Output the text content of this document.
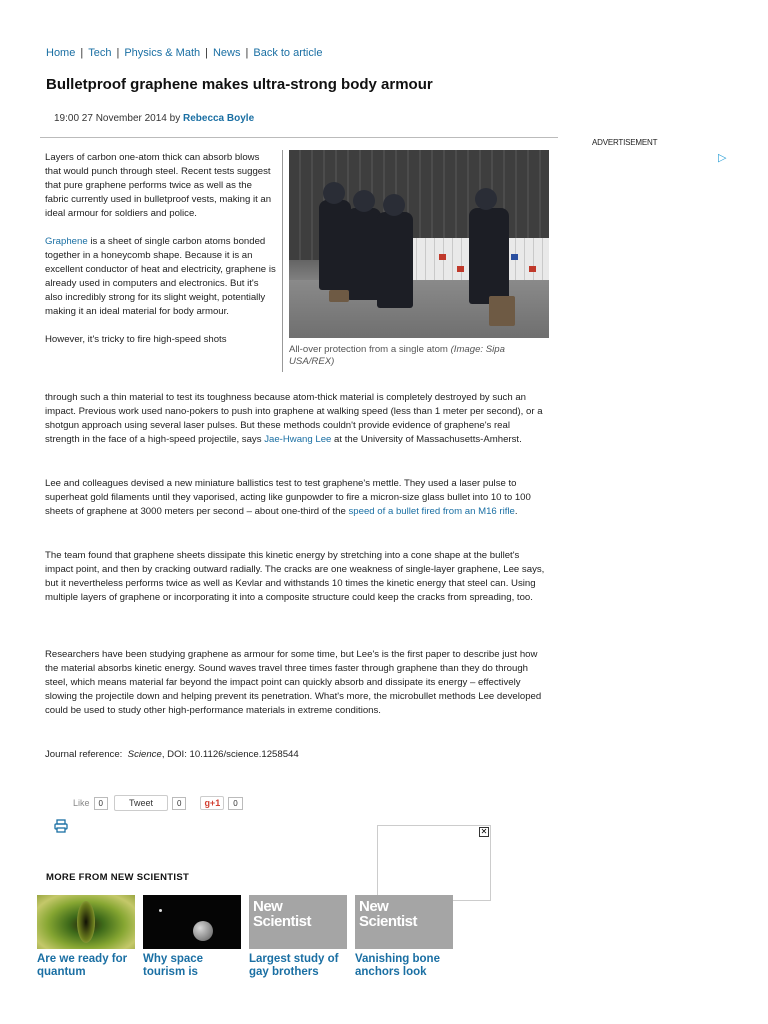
Home | Tech | Physics & Math | News | Back to article
Bulletproof graphene makes ultra-strong body armour
19:00 27 November 2014 by Rebecca Boyle
ADVERTISEMENT
▷

Layers of carbon one-atom thick can absorb blows that would punch through steel. Recent tests suggest that pure graphene performs twice as well as the fabric currently used in bulletproof vests, making it an ideal armour for soldiers and police.

Graphene is a sheet of single carbon atoms bonded together in a honeycomb shape. Because it is an excellent conductor of heat and electricity, graphene is already used in computers and electronics. But it's also incredibly strong for its slight weight, potentially making it an ideal material for body armour.

However, it's tricky to fire high-speed shots

All-over protection from a single atom (Image: Sipa USA/REX)

through such a thin material to test its toughness because atom-thick material is completely destroyed by such an impact. Previous work used nano-pokers to push into graphene at walking speed (less than 1 meter per second), or a shotgun approach using several laser pulses. But these methods couldn't provide evidence of graphene's real strength in the face of a high-speed projectile, says Jae-Hwang Lee at the University of Massachusetts-Amherst.

Lee and colleagues devised a new miniature ballistics test to test graphene's mettle. They used a laser pulse to superheat gold filaments until they vaporised, acting like gunpowder to fire a micron-size glass bullet into 10 to 100 sheets of graphene at 3000 meters per second – about one-third of the speed of a bullet fired from an M16 rifle.

The team found that graphene sheets dissipate this kinetic energy by stretching into a cone shape at the bullet's impact point, and then by cracking outward radially. The cracks are one weakness of single-layer graphene, Lee says, but it nevertheless performs twice as well as Kevlar and withstands 10 times the kinetic energy that steel can. Using multiple layers of graphene or incorporating it into a composite structure could keep the cracks from spreading, too.

Researchers have been studying graphene as armour for some time, but Lee's is the first paper to describe just how the material absorbs kinetic energy. Sound waves travel three times faster through graphene than they do through steel, which means material far beyond the impact point can quickly absorb and dissipate its energy – effectively slowing the projectile down and helping prevent its penetration. What's more, the microbullet methods Lee developed could be used to study other high-performance materials in extreme conditions.

Journal reference: Science, DOI: 10.1126/science.1258544

Like	0	Tweet	0	g+1	0
✕
MORE FROM NEW SCIENTIST
Are we ready for quantum
Why space tourism is
New
Scientist
Largest study of gay brothers
New
Scientist
Vanishing bone anchors look
